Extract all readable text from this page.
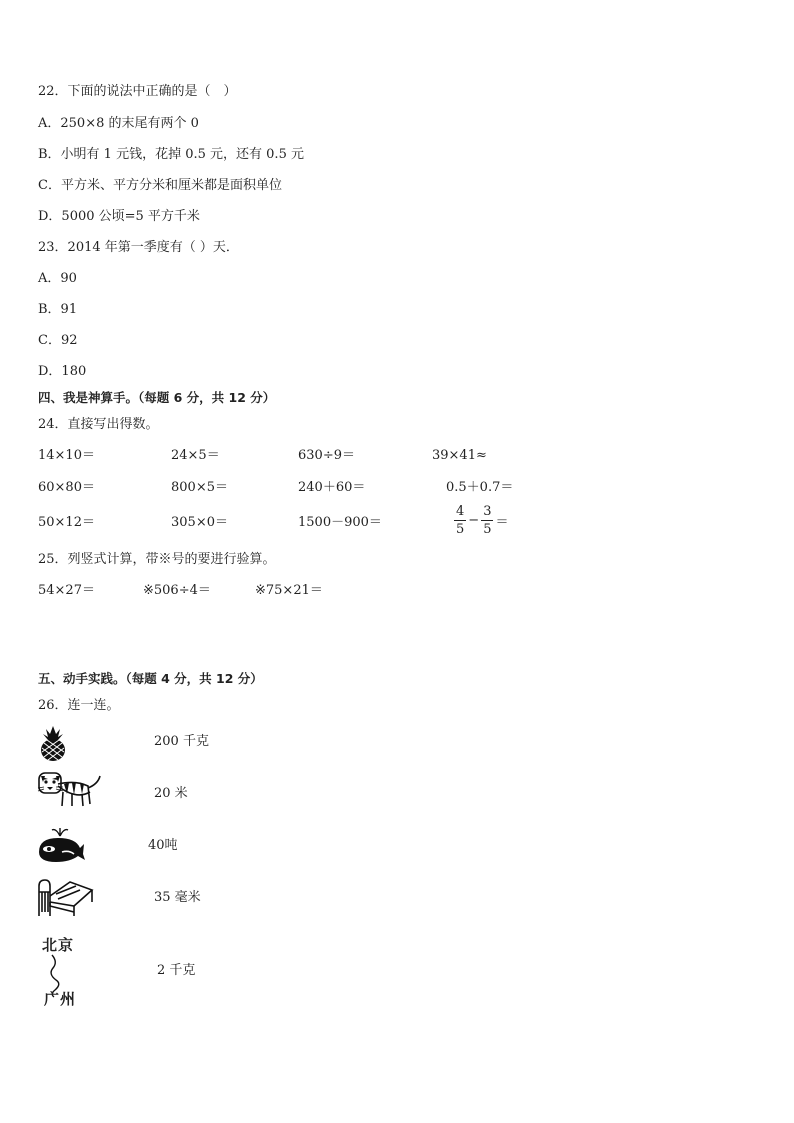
22．下面的说法中正确的是（　）
A．250×8 的末尾有两个 0
B．小明有 1 元钱，花掉 0.5 元，还有 0.5 元
C．平方米、平方分米和厘米都是面积单位
D．5000 公顷=5 平方千米
23．2014 年第一季度有（ ）天．
A．90
B．91
C．92
D．180
四、我是神算手。（每题 6 分，共 12 分）
24．直接写出得数。
14×10＝	24×5＝	630÷9＝	39×41≈
60×80＝	800×5＝	240＋60＝	0.5＋0.7＝
50×12＝	305×0＝	1500－900＝	$\frac{4}{5} - \frac{3}{5}$ ＝
25．列竖式计算，带※号的要进行验算。
54×27＝	※506÷4＝	※75×21＝
五、动手实践。（每题 4 分，共 12 分）
26．连一连。
200 千克
20 米
40吨
35 毫米
北京
广州
2 千克
